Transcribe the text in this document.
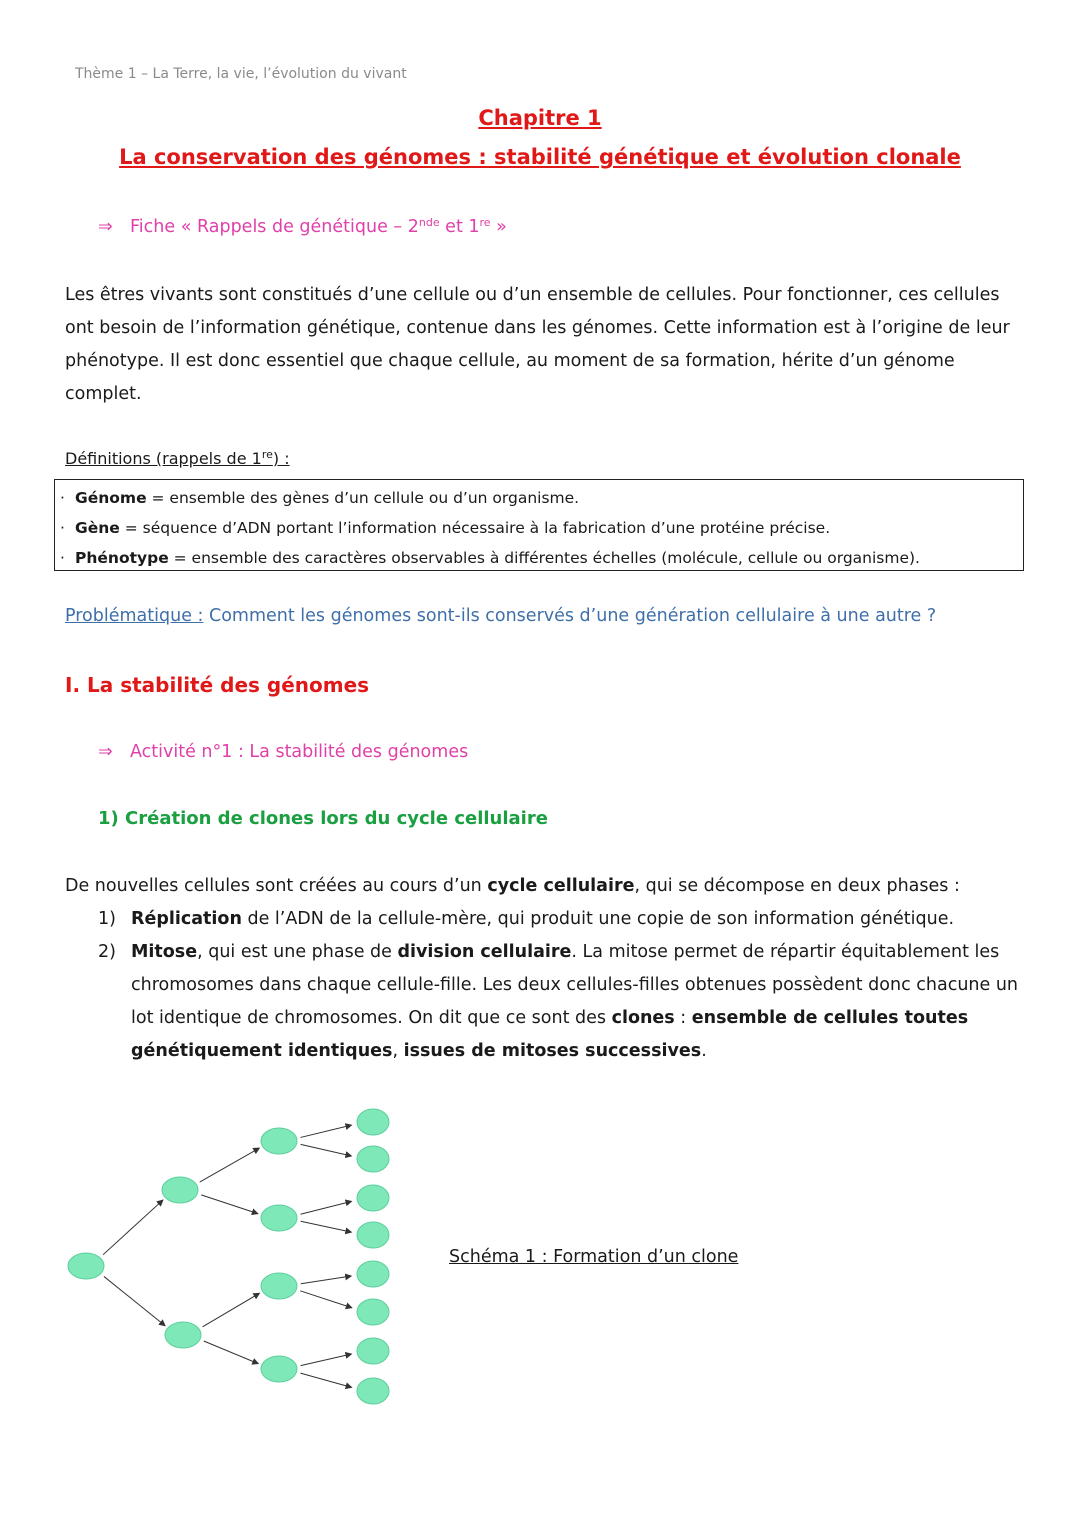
Thème 1 – La Terre, la vie, l’évolution du vivant
Chapitre 1
La conservation des génomes : stabilité génétique et évolution clonale
⇒ Fiche « Rappels de génétique – 2nde et 1re »
Les êtres vivants sont constitués d’une cellule ou d’un ensemble de cellules. Pour fonctionner, ces cellules ont besoin de l’information génétique, contenue dans les génomes. Cette information est à l’origine de leur phénotype. Il est donc essentiel que chaque cellule, au moment de sa formation, hérite d’un génome complet.
Définitions (rappels de 1re) :
· Génome = ensemble des gènes d’un cellule ou d’un organisme.
· Gène = séquence d’ADN portant l’information nécessaire à la fabrication d’une protéine précise.
· Phénotype = ensemble des caractères observables à différentes échelles (molécule, cellule ou organisme).
Problématique : Comment les génomes sont-ils conservés d’une génération cellulaire à une autre ?
I. La stabilité des génomes
⇒ Activité n°1 : La stabilité des génomes
1) Création de clones lors du cycle cellulaire
De nouvelles cellules sont créées au cours d’un cycle cellulaire, qui se décompose en deux phases :
1) Réplication de l’ADN de la cellule-mère, qui produit une copie de son information génétique.
2) Mitose, qui est une phase de division cellulaire. La mitose permet de répartir équitablement les chromosomes dans chaque cellule-fille. Les deux cellules-filles obtenues possèdent donc chacune un lot identique de chromosomes. On dit que ce sont des clones : ensemble de cellules toutes génétiquement identiques, issues de mitoses successives.
Schéma 1 : Formation d’un clone
